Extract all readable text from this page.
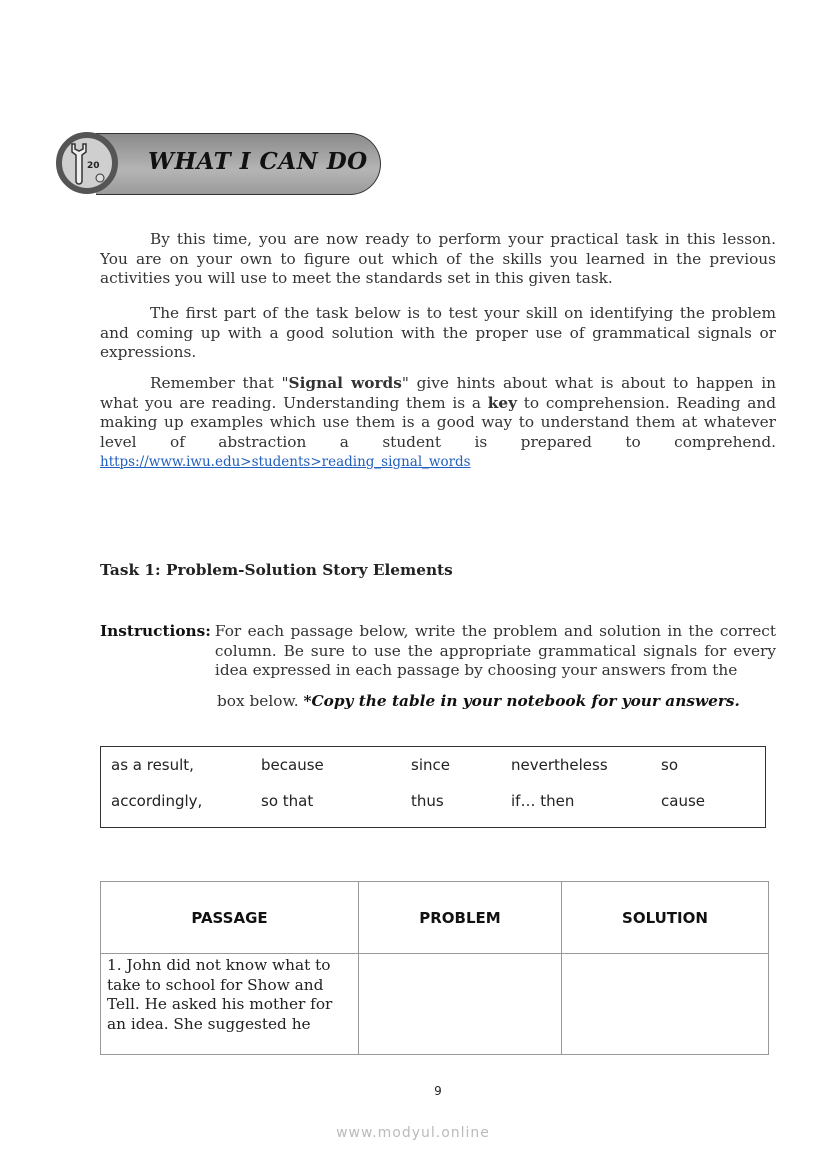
20 WHAT I CAN DO

By this time, you are now ready to perform your practical task in this lesson. You are on your own to figure out which of the skills you learned in the previous activities you will use to meet the standards set in this given task.

The first part of the task below is to test your skill on identifying the problem and coming up with a good solution with the proper use of grammatical signals or expressions.

Remember that "Signal words" give hints about what is about to happen in what you are reading. Understanding them is a key to comprehension. Reading and making up examples which use them is a good way to understand them at whatever level of abstraction a student is prepared to comprehend.

https://www.iwu.edu>students>reading_signal_words
Task 1: Problem-Solution Story Elements
Instructions: For each passage below, write the problem and solution in the correct column. Be sure to use the appropriate grammatical signals for every idea expressed in each passage by choosing your answers from the
box below. *Copy the table in your notebook for your answers.
as a result,	because	since	nevertheless	so
accordingly,	so that	thus	if… then	cause
PASSAGE	PROBLEM	SOLUTION
1. John did not know what to
take to school for Show and Tell. He asked his mother for an idea. She suggested he		
9
www.modyul.online
